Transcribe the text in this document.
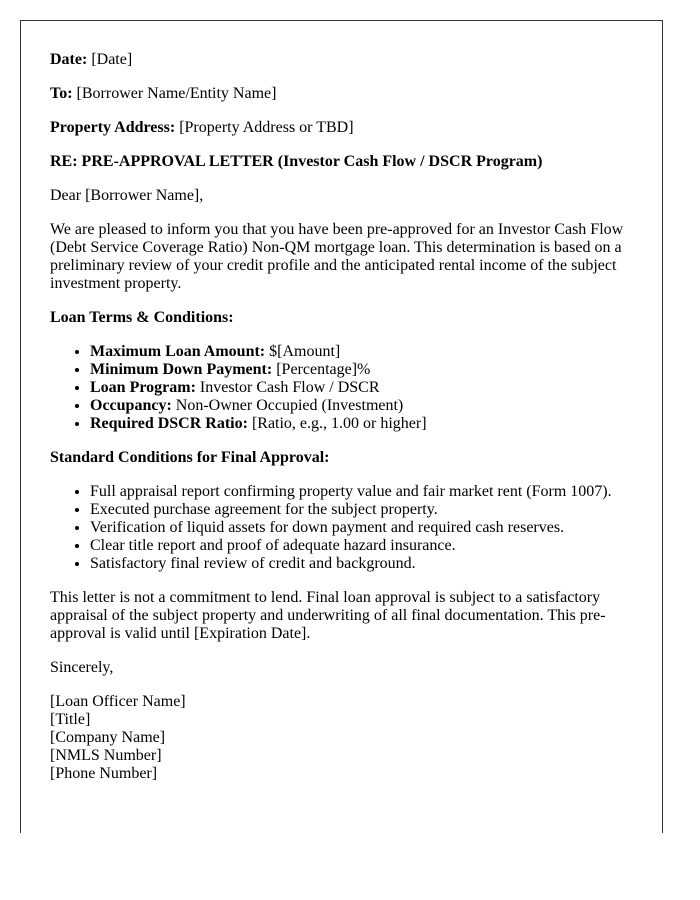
Date: [Date]

To: [Borrower Name/Entity Name]

Property Address: [Property Address or TBD]

RE: PRE-APPROVAL LETTER (Investor Cash Flow / DSCR Program)

Dear [Borrower Name],

We are pleased to inform you that you have been pre-approved for an Investor Cash Flow (Debt Service Coverage Ratio) Non-QM mortgage loan. This determination is based on a preliminary review of your credit profile and the anticipated rental income of the subject investment property.

Loan Terms & Conditions:

• Maximum Loan Amount: $[Amount]
• Minimum Down Payment: [Percentage]%
• Loan Program: Investor Cash Flow / DSCR
• Occupancy: Non-Owner Occupied (Investment)
• Required DSCR Ratio: [Ratio, e.g., 1.00 or higher]

Standard Conditions for Final Approval:

• Full appraisal report confirming property value and fair market rent (Form 1007).
• Executed purchase agreement for the subject property.
• Verification of liquid assets for down payment and required cash reserves.
• Clear title report and proof of adequate hazard insurance.
• Satisfactory final review of credit and background.

This letter is not a commitment to lend. Final loan approval is subject to a satisfactory appraisal of the subject property and underwriting of all final documentation. This pre-approval is valid until [Expiration Date].

Sincerely,

[Loan Officer Name]
[Title]
[Company Name]
[NMLS Number]
[Phone Number]
